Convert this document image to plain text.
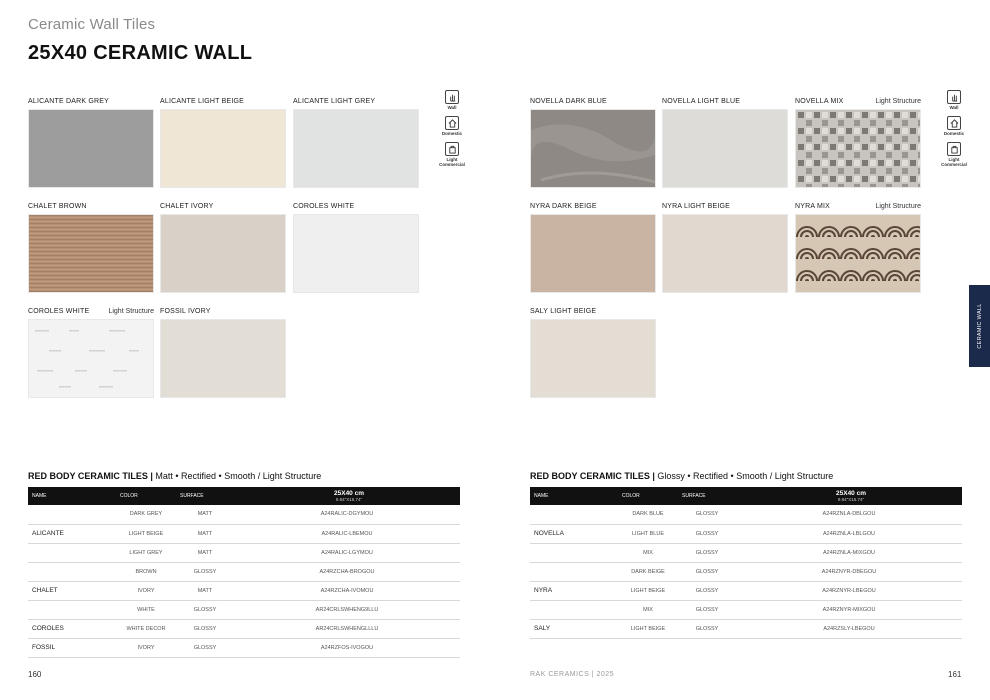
Ceramic Wall Tiles
25X40 CERAMIC WALL
ALICANTE DARK GREY	ALICANTE LIGHT BEIGE	ALICANTE LIGHT GREY
CHALET BROWN	CHALET IVORY	COROLES WHITE
COROLES WHITE	Light Structure FOSSIL IVORY
Wall
Domestic
Light Commercial
NOVELLA DARK BLUE	NOVELLA LIGHT BLUE	NOVELLA MIX	Light Structure
NYRA DARK BEIGE	NYRA LIGHT BEIGE	NYRA MIX	Light Structure
SALY LIGHT BEIGE
Wall
Domestic
Light Commercial
CERAMIC WALL
RED BODY CERAMIC TILES | Matt • Rectified • Smooth / Light Structure
NAME	COLOR	SURFACE	25X40 cm
9.84"X15.74"

	DARK GREY	MATT	A24RALIC-DGYMOU
ALICANTE	LIGHT BEIGE	MATT	A24RALIC-LBEMOU
	LIGHT GREY	MATT	A24RALIC-LGYMOU
	BROWN	GLOSSY	A24RZCHA-BROGOU
CHALET	IVORY	MATT	A24RZCHA-IVOMOU
	WHITE	GLOSSY	AR24CRLSWHENG9LLU
COROLES	WHITE DECOR	GLOSSY	AR24CRLSWHENGLLLU
FOSSIL	IVORY	GLOSSY	A24RZFOS-IVOGOU
RED BODY CERAMIC TILES | Glossy • Rectified • Smooth / Light Structure
NAME	COLOR	SURFACE	25X40 cm
9.84"X15.74"

	DARK BLUE	GLOSSY	A24RZNLA-DBLGOU
NOVELLA	LIGHT BLUE	GLOSSY	A24RZNLA-LBLGOU
	MIX	GLOSSY	A24RZNLA-MIXGOU
	DARK BEIGE	GLOSSY	A24RZNYR-DBEGOU
NYRA	LIGHT BEIGE	GLOSSY	A24RZNYR-LBEGOU
	MIX	GLOSSY	A24RZNYR-MIXGOU
SALY	LIGHT BEIGE	GLOSSY	A24RZSLY-LBEGOU
160	RAK CERAMICS | 2025	161
